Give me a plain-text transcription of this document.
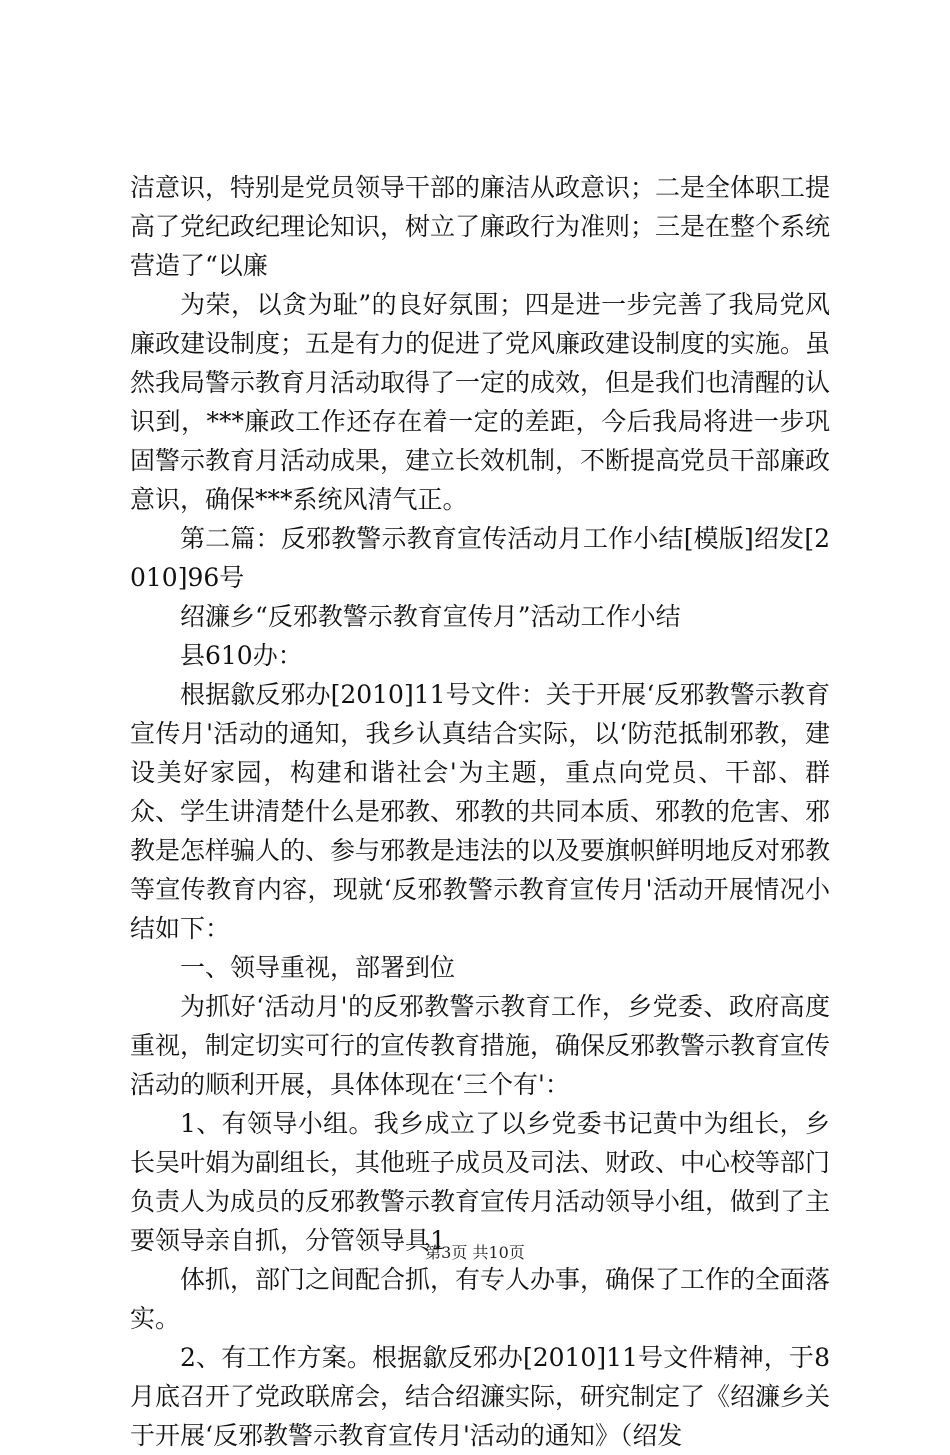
洁意识，特别是党员领导干部的廉洁从政意识；二是全体职工提高了党纪政纪理论知识，树立了廉政行为准则；三是在整个系统营造了“以廉

为荣，以贪为耻”的良好氛围；四是进一步完善了我局党风廉政建设制度；五是有力的促进了党风廉政建设制度的实施。虽然我局警示教育月活动取得了一定的成效，但是我们也清醒的认识到，***廉政工作还存在着一定的差距，今后我局将进一步巩固警示教育月活动成果，建立长效机制，不断提高党员干部廉政意识，确保***系统风清气正。

第二篇：反邪教警示教育宣传活动月工作小结[模版]绍发[2010]96号

绍濂乡“反邪教警示教育宣传月”活动工作小结

县610办：

根据歙反邪办[2010]11号文件：关于开展‘反邪教警示教育宣传月'活动的通知，我乡认真结合实际，以‘防范抵制邪教，建设美好家园，构建和谐社会'为主题，重点向党员、干部、群众、学生讲清楚什么是邪教、邪教的共同本质、邪教的危害、邪教是怎样骗人的、参与邪教是违法的以及要旗帜鲜明地反对邪教等宣传教育内容，现就‘反邪教警示教育宣传月'活动开展情况小结如下：

一、领导重视，部署到位

为抓好‘活动月'的反邪教警示教育工作，乡党委、政府高度重视，制定切实可行的宣传教育措施，确保反邪教警示教育宣传活动的顺利开展，具体体现在‘三个有'：

1、有领导小组。我乡成立了以乡党委书记黄中为组长，乡长吴叶娟为副组长，其他班子成员及司法、财政、中心校等部门负责人为成员的反邪教警示教育宣传月活动领导小组，做到了主要领导亲自抓，分管领导具1

体抓，部门之间配合抓，有专人办事，确保了工作的全面落实。

2、有工作方案。根据歙反邪办[2010]11号文件精神，于8月底召开了党政联席会，结合绍濂实际，研究制定了《绍濂乡关于开展‘反邪教警示教育宣传月'活动的通知》（绍发

第3页 共10页
